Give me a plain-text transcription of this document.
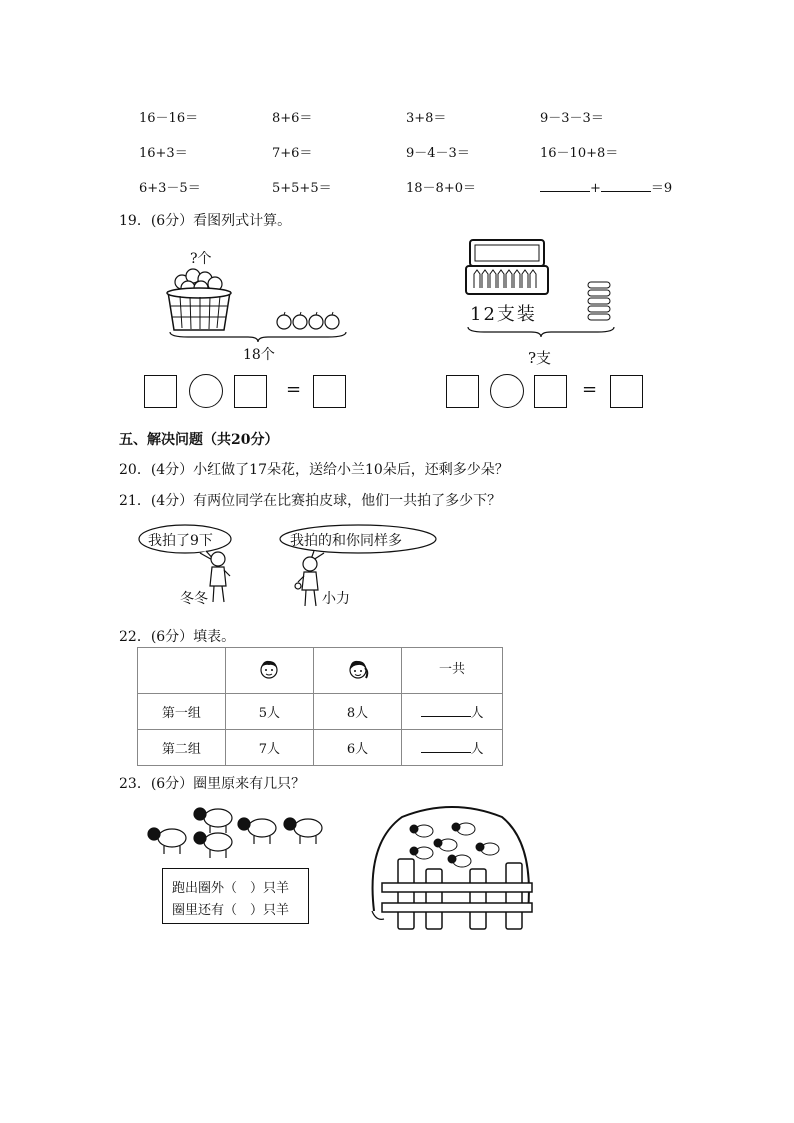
16－16＝	8+6＝	3+8＝	9－3－3＝
16+3＝	7+6＝	9－4－3＝	16－10+8＝
6+3－5＝	5+5+5＝	18－8+0＝	+	＝9
19．(6分）看图列式计算。
?个
18个
=
12支装
?支
=
五、解决问题（共20分）
20．(4分）小红做了17朵花，送给小兰10朵后，还剩多少朵？
21．(4分）有两位同学在比赛拍皮球，他们一共拍了多少下？
我拍了9下	我拍的和你同样多
冬冬	小力
22．(6分）填表。
			一共
第一组	5人	8人	人
第二组	7人	6人	人
23．(6分）圈里原来有几只？
跑出圈外（　）只羊
圈里还有（　）只羊
